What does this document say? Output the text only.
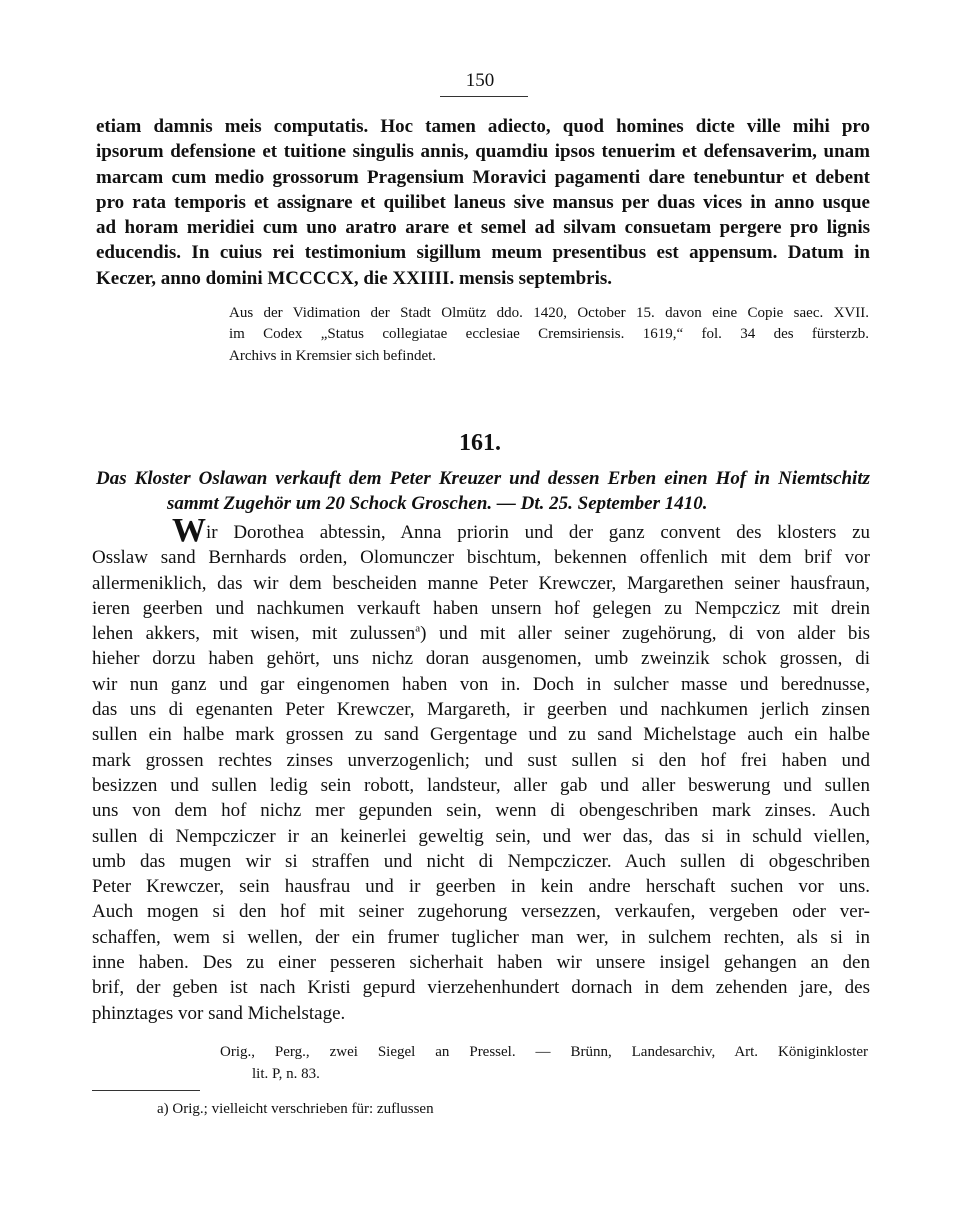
150
etiam damnis meis computatis. Hoc tamen adiecto, quod homines dicte ville mihi pro
ipsorum defensione et tuitione singulis annis, quamdiu ipsos tenuerim et defensaverim, unam
marcam cum medio grossorum Pragensium Moravici pagamenti dare tenebuntur et debent
pro rata temporis et assignare et quilibet laneus sive mansus per duas vices in anno usque
ad horam meridiei cum uno aratro arare et semel ad silvam consuetam pergere pro lignis
educendis. In cuius rei testimonium sigillum meum presentibus est appensum. Datum in
Keczer, anno domini MCCCCX, die XXIIII. mensis septembris.
Aus der Vidimation der Stadt Olmütz ddo. 1420, October 15. davon eine Copie saec. XVII.
im Codex „Status collegiatae ecclesiae Cremsiriensis. 1619,“ fol. 34 des fürsterzb.
Archivs in Kremsier sich befindet.
161.
Das Kloster Oslawan verkauft dem Peter Kreuzer und dessen Erben einen Hof in Niemtschitz
sammt Zugehör um 20 Schock Groschen. — Dt. 25. September 1410.
W ir Dorothea abtessin, Anna priorin und der ganz convent des klosters zu
Osslaw sand Bernhards orden, Olomunczer bischtum, bekennen offenlich mit dem brif vor
allermeniklich, das wir dem bescheiden manne Peter Krewczer, Margarethen seiner hausfraun,
ieren geerben und nachkumen verkauft haben unsern hof gelegen zu Nempczicz mit drein
lehen akkers, mit wisen, mit zulussen$^a$) und mit aller seiner zugehörung, di von alder bis
hieher dorzu haben gehört, uns nichz doran ausgenomen, umb zweinzik schok grossen, di
wir nun ganz und gar eingenomen haben von in. Doch in sulcher masse und berednusse,
das uns di egenanten Peter Krewczer, Margareth, ir geerben und nachkumen jerlich zinsen
sullen ein halbe mark grossen zu sand Gergentage und zu sand Michelstage auch ein halbe
mark grossen rechtes zinses unverzogenlich; und sust sullen si den hof frei haben und
besizzen und sullen ledig sein robott, landsteur, aller gab und aller beswerung und sullen
uns von dem hof nichz mer gepunden sein, wenn di obengeschriben mark zinses. Auch
sullen di Nempcziczer ir an keinerlei geweltig sein, und wer das, das si in schuld viellen,
umb das mugen wir si straffen und nicht di Nempcziczer. Auch sullen di obgeschriben
Peter Krewczer, sein hausfrau und ir geerben in kein andre herschaft suchen vor uns.
Auch mogen si den hof mit seiner zugehorung versezzen, verkaufen, vergeben oder ver-
schaffen, wem si wellen, der ein frumer tuglicher man wer, in sulchem rechten, als si in
inne haben. Des zu einer pesseren sicherhait haben wir unsere insigel gehangen an den
brif, der geben ist nach Kristi gepurd vierzehenhundert dornach in dem zehenden jare, des
phinztages vor sand Michelstage.
Orig., Perg., zwei Siegel an Pressel. — Brünn, Landesarchiv, Art. Königinkloster
lit. P, n. 83.
a) Orig.; vielleicht verschrieben für: zuflussen
